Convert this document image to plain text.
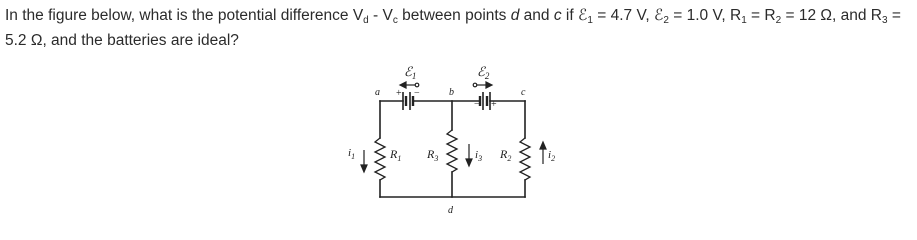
In the figure below, what is the potential difference $V_d - V_c$ between points d and c if ℰ$_1$ = 4.7 V, ℰ$_2$ = 1.0 V, $R_1 = R_2 = 12$ Ω, and $R_3 = 5.2$ Ω, and the batteries are ideal?
ℰ$_1$	ℰ$_2$
+ −
− +
a	b	c
d
$R_1$ $R_3$	$R_2$
$i_1$	$i_3$	$i_2$
